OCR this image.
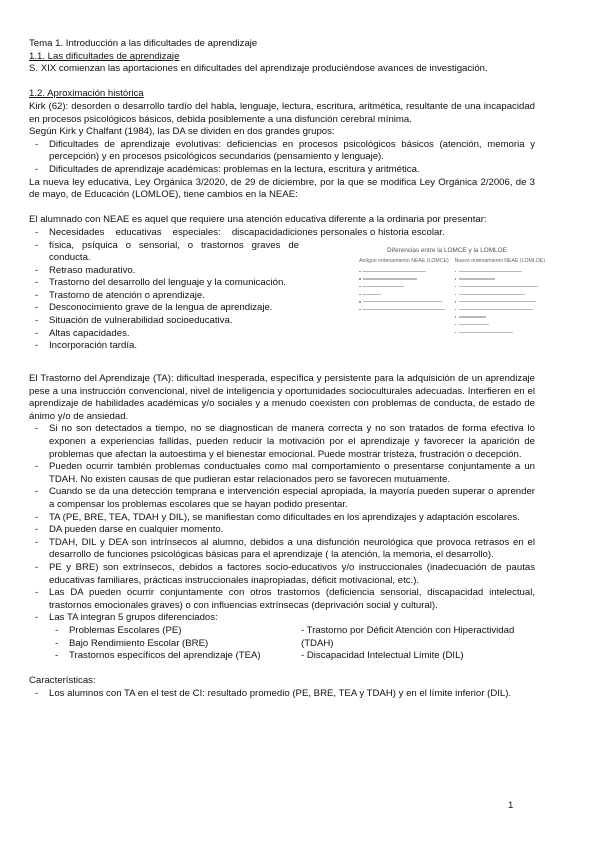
Tema 1. Introducción a las dificultades de aprendizaje

1.1. Las dificultades de aprendizaje

S. XIX comienzan las aportaciones en dificultades del aprendizaje produciéndose avances de investigación.

1.2. Aproximación histórica

Kirk (62): desorden o desarrollo tardío del habla, lenguaje, lectura, escritura, aritmética, resultante de una incapacidad en procesos psicológicos básicos, debida posiblemente a una disfunción cerebral mínima.

Según Kirk y Chalfant (1984), las DA se dividen en dos grandes grupos:

- Dificultades de aprendizaje evolutivas: deficiencias en procesos psicológicos básicos (atención, memoria y percepción) y en procesos psicológicos secundarios (pensamiento y lenguaje).
- Dificultades de aprendizaje académicas: problemas en la lectura, escritura y aritmética.

La nueva ley educativa, Ley Orgánica 3/2020, de 29 de diciembre, por la que se modifica Ley Orgánica 2/2006, de 3 de mayo, de Educación (LOMLOE), tiene cambios en la NEAE:

El alumnado con NEAE es aquel que requiere una atención educativa diferente a la ordinaria por presentar:

- Necesidades educativas especiales: discapacidadiciones personales o historia escolar.
Diferencias entre la LOMCE y la LOMLOE
Antiguo ordenamiento NEAE (LOMCE) Nuevo ordenamiento NEAE (LOMLOE)
- física, psíquica o sensorial, o trastornos graves de conducta.
- Retraso madurativo.
- Trastorno del desarrollo del lenguaje y la comunicación.
- Trastorno de atención o aprendizaje.
- Desconocimiento grave de la lengua de aprendizaje.
- Situación de vulnerabilidad socioeducativa.
- Altas capacidades.
- Incorporación tardía.

El Trastorno del Aprendizaje (TA): dificultad inesperada, específica y persistente para la adquisición de un aprendizaje pese a una instrucción convencional, nivel de inteligencia y oportunidades socioculturales adecuadas. Interfieren en el aprendizaje de habilidades académicas y/o sociales y a menudo coexisten con problemas de conducta, de estado de ánimo y/o de ansiedad.

- Si no son detectados a tiempo, no se diagnostican de manera correcta y no son tratados de forma efectiva lo exponen a experiencias fallidas, pueden reducir la motivación por el aprendizaje y favorecer la aparición de problemas que afectan la autoestima y el bienestar emocional. Puede mostrar tristeza, frustración o decepción.
- Pueden ocurrir también problemas conductuales como mal comportamiento o presentarse conjuntamente a un TDAH. No existen causas de que pudieran estar relacionados pero se favorecen mutuamente.
- Cuando se da una detección temprana e intervención especial apropiada, la mayoría pueden superar o aprender a compensar los problemas escolares que se hayan podido presentar.
- TA (PE, BRE, TEA, TDAH y DIL), se manifiestan como dificultades en los aprendizajes y adaptación escolares.
- DA pueden darse en cualquier momento.
- TDAH, DIL y DEA son intrínsecos al alumno, debidos a una disfunción neurológica que provoca retrasos en el desarrollo de funciones psicológicas básicas para el aprendizaje ( la atención, la memoria, el desarrollo).
- PE y BRE) son extrínsecos, debidos a factores socio-educativos y/o instruccionales (inadecuación de pautas educativas familiares, prácticas instruccionales inapropiadas, déficit motivacional, etc.).
- Las DA pueden ocurrir conjuntamente con otros trastornos (deficiencia sensorial, discapacidad intelectual, trastornos emocionales graves) o con influencias extrínsecas (deprivación social y cultural).
- Las TA integran 5 grupos diferenciados:
- Problemas Escolares (PE)
- Bajo Rendimiento Escolar (BRE)
- Trastornos específicos del aprendizaje (TEA)

- Trastorno por Déficit Atención con Hiperactividad (TDAH)

- Discapacidad Intelectual Límite (DIL)

Características:

- Los alumnos con TA en el test de CI: resultado promedio (PE, BRE, TEA y TDAH) y en el límite inferior (DIL).
1
